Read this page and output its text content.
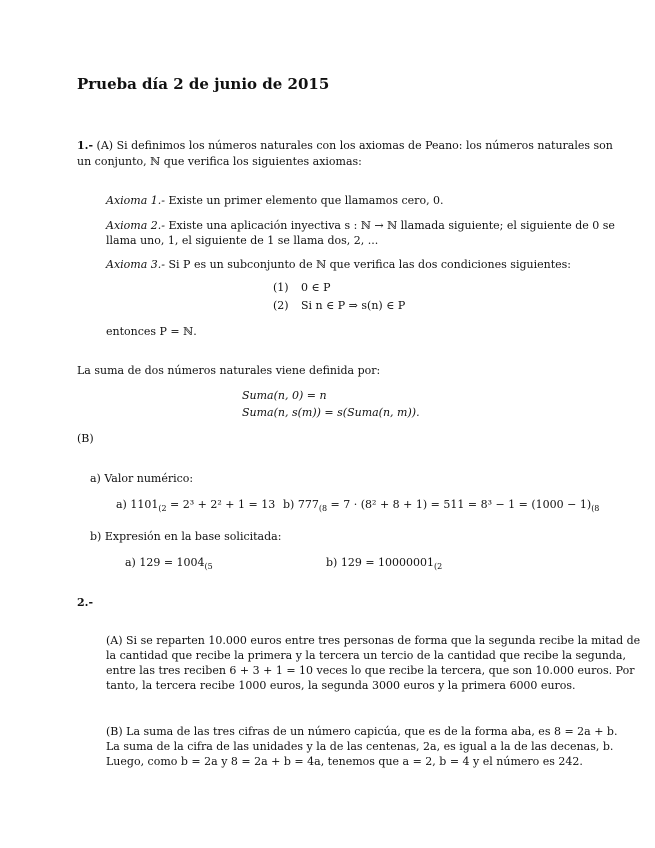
Prueba día 2 de junio de 2015
1.- (A) Si definimos los números naturales con los axiomas de Peano: los números naturales son
un conjunto, ℕ que verifica los siguientes axiomas:
Axioma 1.- Existe un primer elemento que llamamos cero, 0.
Axioma 2.- Existe una aplicación inyectiva s : ℕ → ℕ llamada siguiente; el siguiente de 0 se
llama uno, 1, el siguiente de 1 se llama dos, 2, ...
Axioma 3.- Si P es un subconjunto de ℕ que verifica las dos condiciones siguientes:
(1) 0 ∈ P
(2) Si n ∈ P ⇒ s(n) ∈ P
entonces P = ℕ.
La suma de dos números naturales viene definida por:
Suma(n, 0) = n
Suma(n, s(m)) = s(Suma(n, m)).
(B)
a) Valor numérico:
a) $1101_{(2} = 2^3 + 2^2 + 1 = 13$ b) $777_{(8} = 7 \cdot (8^2 + 8 + 1) = 511 = 8^3 - 1 = (1000 - 1)_{(8}$
b) Expresión en la base solicitada:
a) $129 = 1004_{(5}$	b) $129 = 10000001_{(2}$
2.-
(A) Si se reparten 10.000 euros entre tres personas de forma que la segunda recibe la mitad de
la cantidad que recibe la primera y la tercera un tercio de la cantidad que recibe la segunda,
entre las tres reciben 6 + 3 + 1 = 10 veces lo que recibe la tercera, que son 10.000 euros. Por
tanto, la tercera recibe 1000 euros, la segunda 3000 euros y la primera 6000 euros.
(B) La suma de las tres cifras de un número capicúa, que es de la forma aba, es 8 = 2a + b.
La suma de la cifra de las unidades y la de las centenas, 2a, es igual a la de las decenas, b.
Luego, como b = 2a y 8 = 2a + b = 4a, tenemos que a = 2, b = 4 y el número es 242.
